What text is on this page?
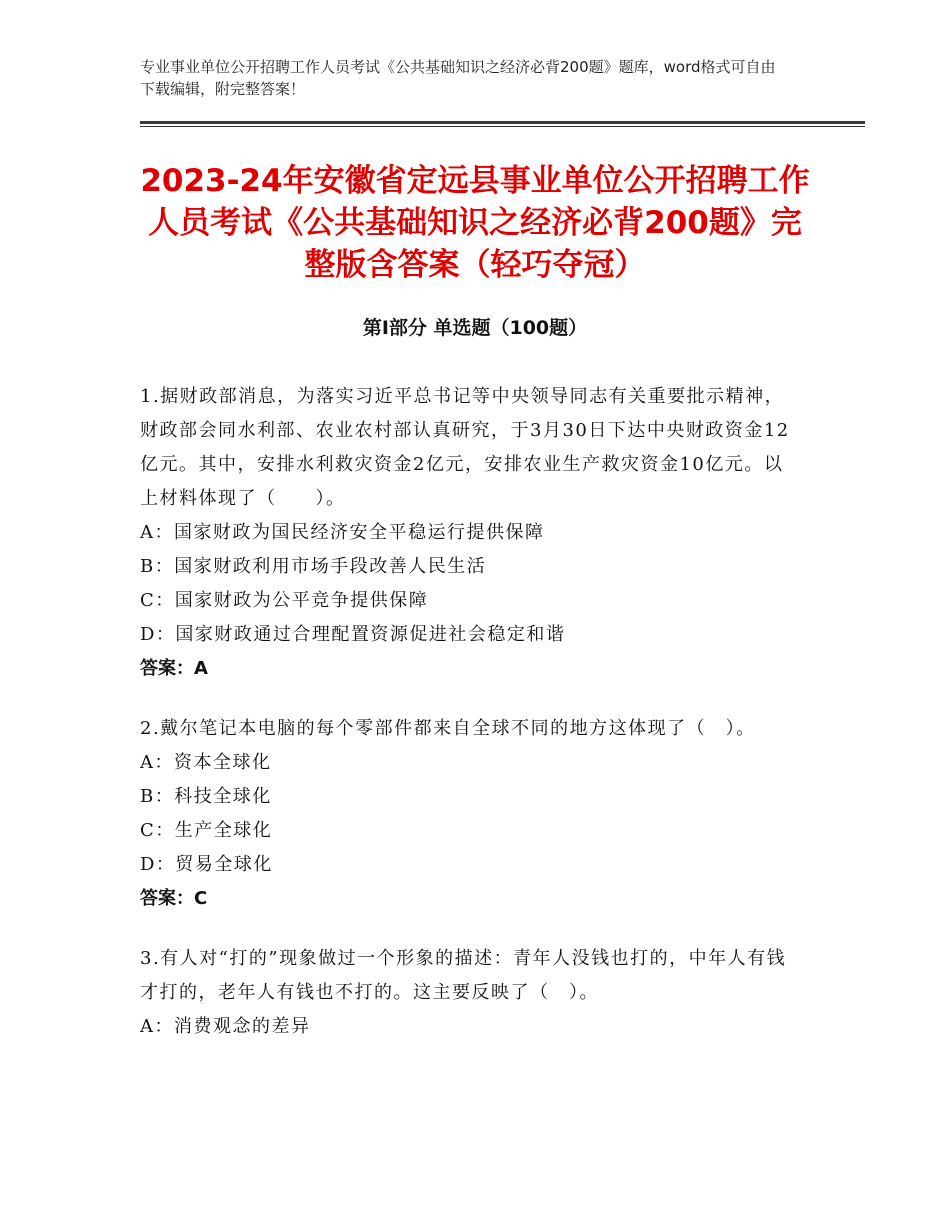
专业事业单位公开招聘工作人员考试《公共基础知识之经济必背200题》题库，word格式可自由下载编辑，附完整答案！
2023-24年安徽省定远县事业单位公开招聘工作人员考试《公共基础知识之经济必背200题》完整版含答案（轻巧夺冠）
第Ⅰ部分 单选题（100题）
1.据财政部消息，为落实习近平总书记等中央领导同志有关重要批示精神，财政部会同水利部、农业农村部认真研究，于3月30日下达中央财政资金12亿元。其中，安排水利救灾资金2亿元，安排农业生产救灾资金10亿元。以上材料体现了（　　）。
A：国家财政为国民经济安全平稳运行提供保障
B：国家财政利用市场手段改善人民生活
C：国家财政为公平竞争提供保障
D：国家财政通过合理配置资源促进社会稳定和谐
答案：A
2.戴尔笔记本电脑的每个零部件都来自全球不同的地方这体现了（　）。
A：资本全球化
B：科技全球化
C：生产全球化
D：贸易全球化
答案：C
3.有人对“打的”现象做过一个形象的描述：青年人没钱也打的，中年人有钱才打的，老年人有钱也不打的。这主要反映了（　）。
A：消费观念的差异
